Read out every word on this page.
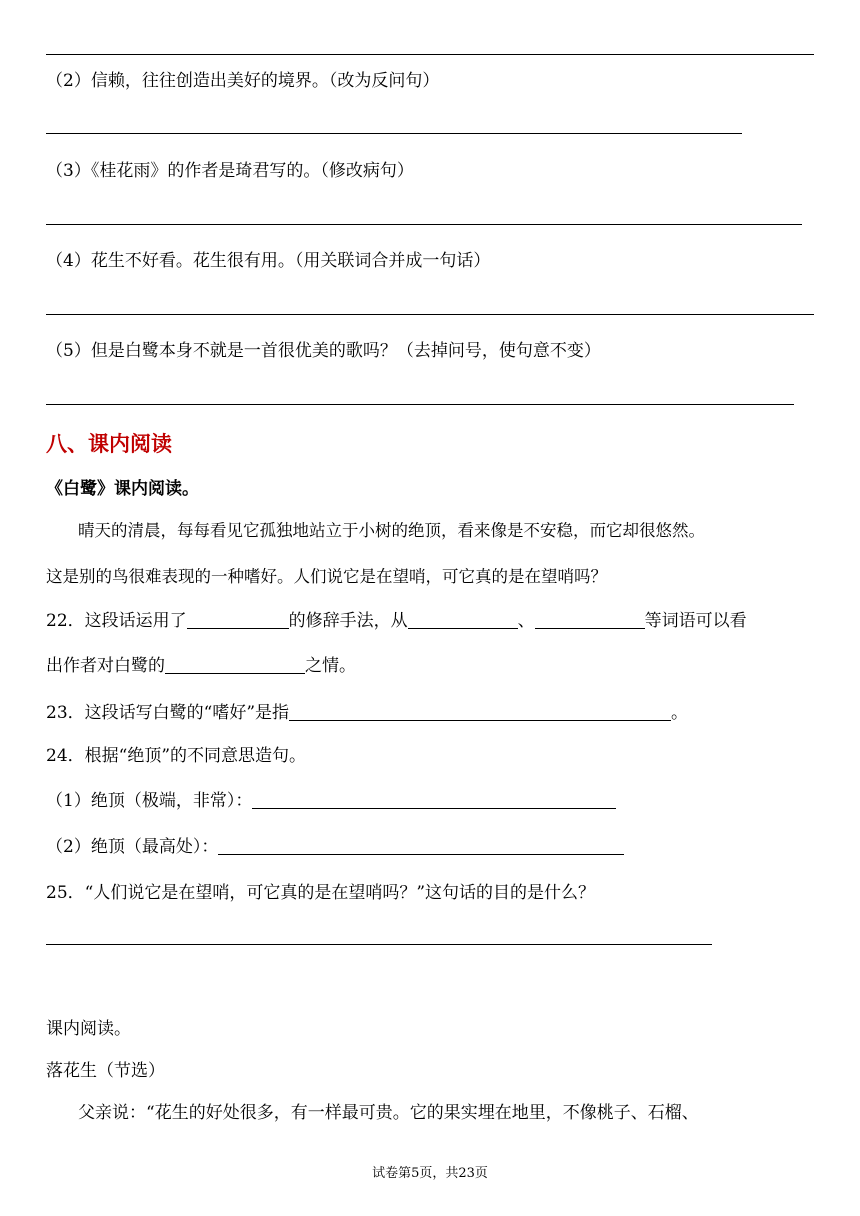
（2）信赖，往往创造出美好的境界。（改为反问句）
（3）《桂花雨》的作者是琦君写的。（修改病句）
（4）花生不好看。花生很有用。（用关联词合并成一句话）
（5）但是白鹭本身不就是一首很优美的歌吗？（去掉问号，使句意不变）
八、课内阅读
《白鹭》课内阅读。
晴天的清晨，每每看见它孤独地站立于小树的绝顶，看来像是不安稳，而它却很悠然。
这是别的鸟很难表现的一种嗜好。人们说它是在望哨，可它真的是在望哨吗？
22．这段话运用了	的修辞手法，从	、	等词语可以看
出作者对白鹭的	之情。
23．这段话写白鹭的“嗜好”是指	。
24．根据“绝顶”的不同意思造句。
（1）绝顶（极端，非常）：
（2）绝顶（最高处）：
25．“人们说它是在望哨，可它真的是在望哨吗？”这句话的目的是什么？
课内阅读。
落花生（节选）
父亲说：“花生的好处很多，有一样最可贵。它的果实埋在地里，不像桃子、石榴、
试卷第5页，共23页
